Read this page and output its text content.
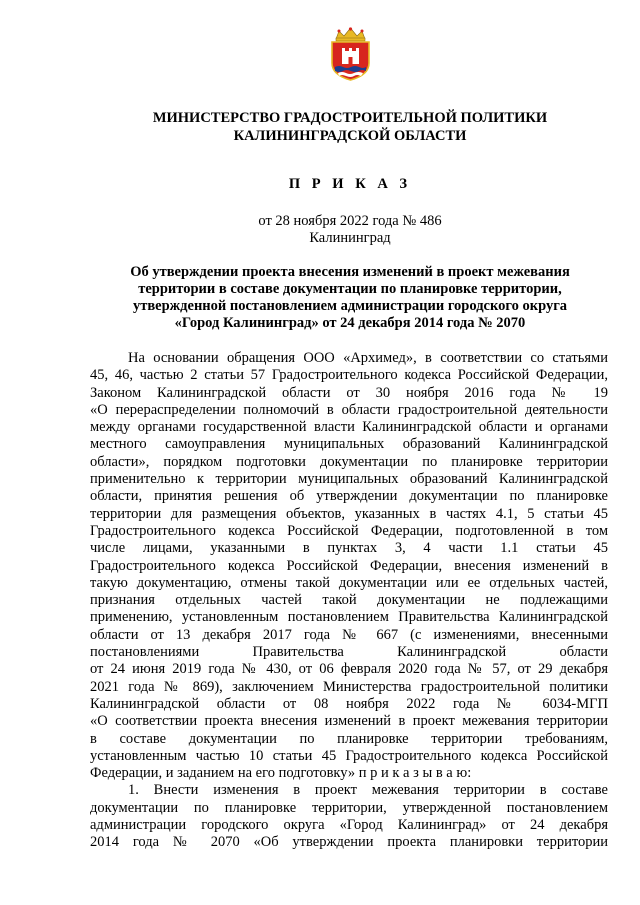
МИНИСТЕРСТВО ГРАДОСТРОИТЕЛЬНОЙ ПОЛИТИКИ
КАЛИНИНГРАДСКОЙ ОБЛАСТИ
П Р И К А З
от 28 ноября 2022 года № 486
Калининград
Об утверждении проекта внесения изменений в проект межевания
территории в составе документации по планировке территории,
утвержденной постановлением администрации городского округа
«Город Калининград» от 24 декабря 2014 года № 2070
На основании обращения ООО «Архимед», в соответствии со статьями
45, 46, частью 2 статьи 57 Градостроительного кодекса Российской Федерации,
Законом Калининградской области от 30 ноября 2016 года № 19
«О перераспределении полномочий в области градостроительной деятельности
между органами государственной власти Калининградской области и органами
местного самоуправления муниципальных образований Калининградской
области», порядком подготовки документации по планировке территории
применительно к территории муниципальных образований Калининградской
области, принятия решения об утверждении документации по планировке
территории для размещения объектов, указанных в частях 4.1, 5 статьи 45
Градостроительного кодекса Российской Федерации, подготовленной в том
числе лицами, указанными в пунктах 3, 4 части 1.1 статьи 45
Градостроительного кодекса Российской Федерации, внесения изменений в
такую документацию, отмены такой документации или ее отдельных частей,
признания отдельных частей такой документации не подлежащими
применению, установленным постановлением Правительства Калининградской
области от 13 декабря 2017 года № 667 (с изменениями, внесенными
постановлениями Правительства Калининградской области
от 24 июня 2019 года № 430, от 06 февраля 2020 года № 57, от 29 декабря
2021 года № 869), заключением Министерства градостроительной политики
Калининградской области от 08 ноября 2022 года № 6034-МГП
«О соответствии проекта внесения изменений в проект межевания территории
в составе документации по планировке территории требованиям,
установленным частью 10 статьи 45 Градостроительного кодекса Российской
Федерации, и заданием на его подготовку» п р и к а з ы в а ю:
1. Внести изменения в проект межевания территории в составе
документации по планировке территории, утвержденной постановлением
администрации городского округа «Город Калининград» от 24 декабря
2014 года № 2070 «Об утверждении проекта планировки территории
